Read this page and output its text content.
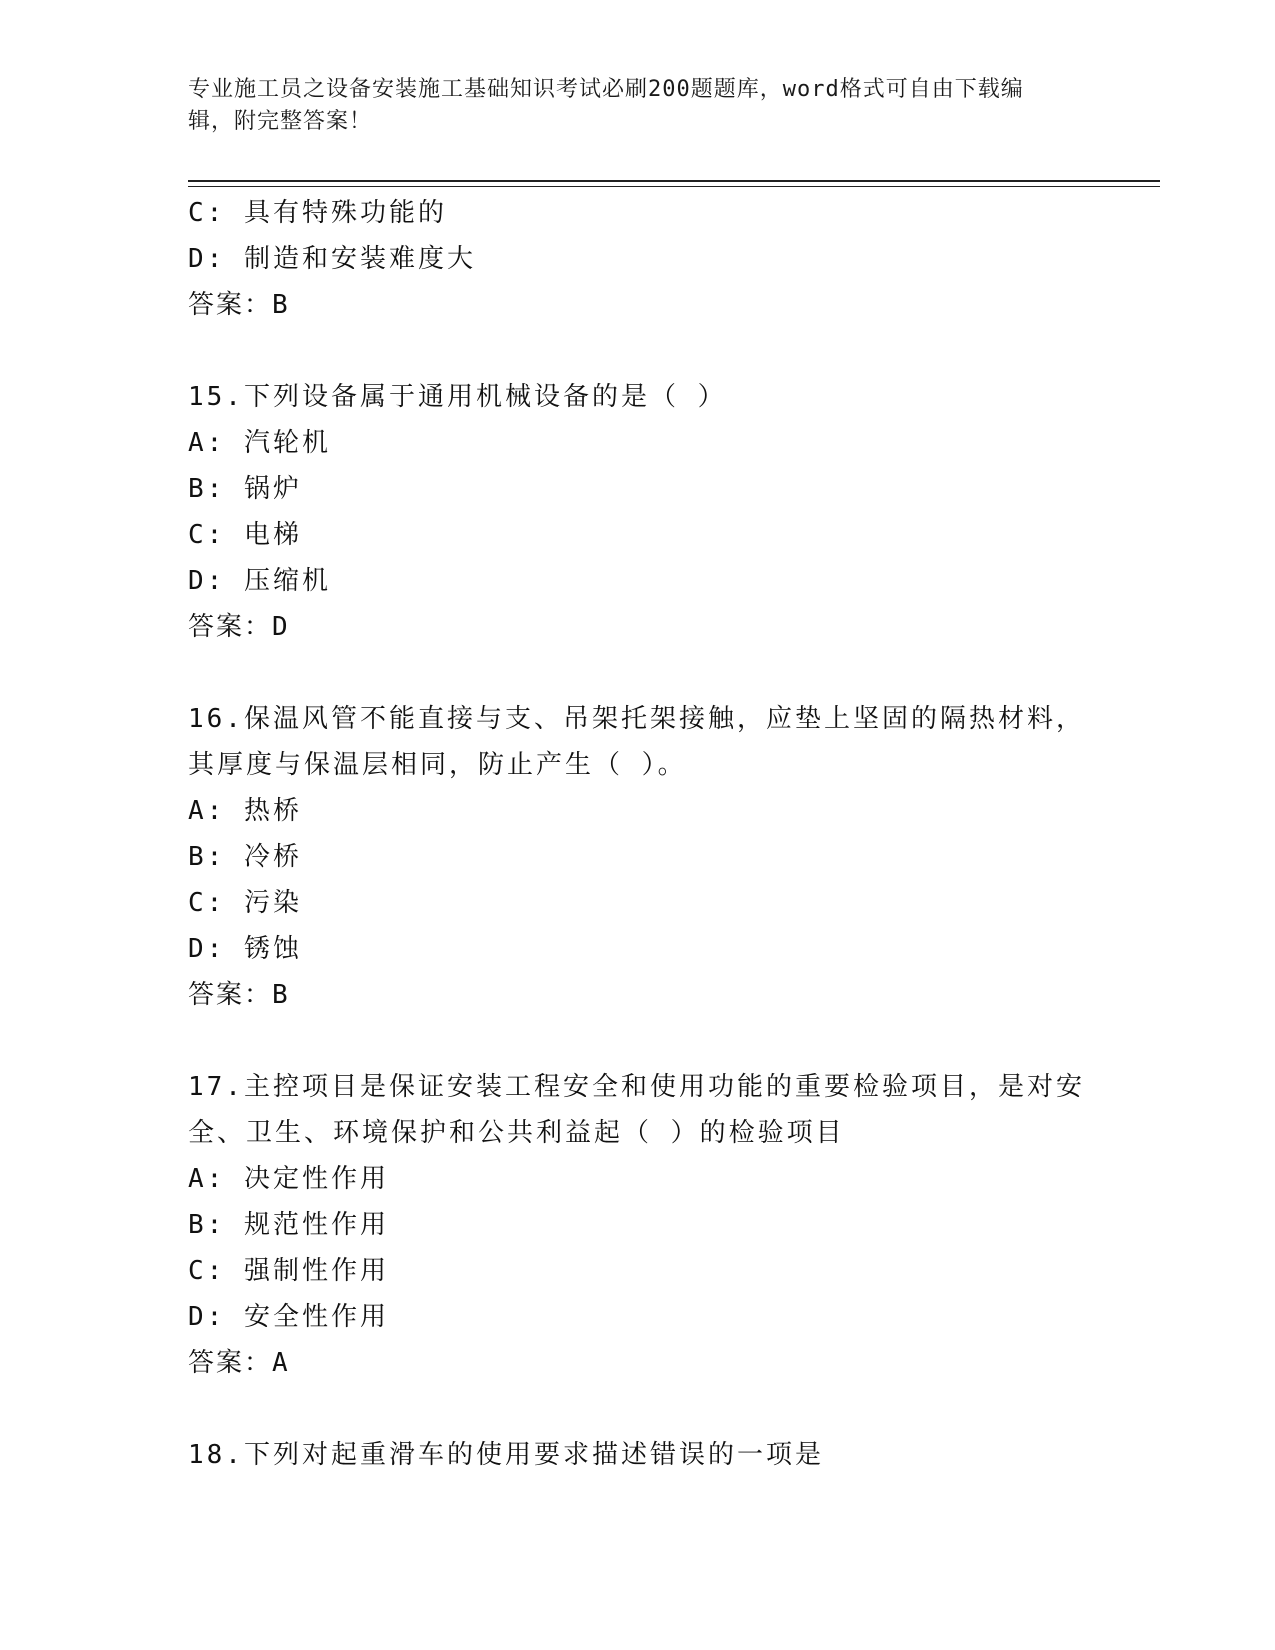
专业施工员之设备安装施工基础知识考试必刷200题题库，word格式可自由下载编辑，附完整答案！
C: 具有特殊功能的
D: 制造和安装难度大
答案：B
15.下列设备属于通用机械设备的是（ ）
A: 汽轮机
B: 锅炉
C: 电梯
D: 压缩机
答案：D
16.保温风管不能直接与支、吊架托架接触，应垫上坚固的隔热材料，其厚度与保温层相同，防止产生（ ）。
A: 热桥
B: 冷桥
C: 污染
D: 锈蚀
答案：B
17.主控项目是保证安装工程安全和使用功能的重要检验项目，是对安全、卫生、环境保护和公共利益起（ ）的检验项目
A: 决定性作用
B: 规范性作用
C: 强制性作用
D: 安全性作用
答案：A
18.下列对起重滑车的使用要求描述错误的一项是
